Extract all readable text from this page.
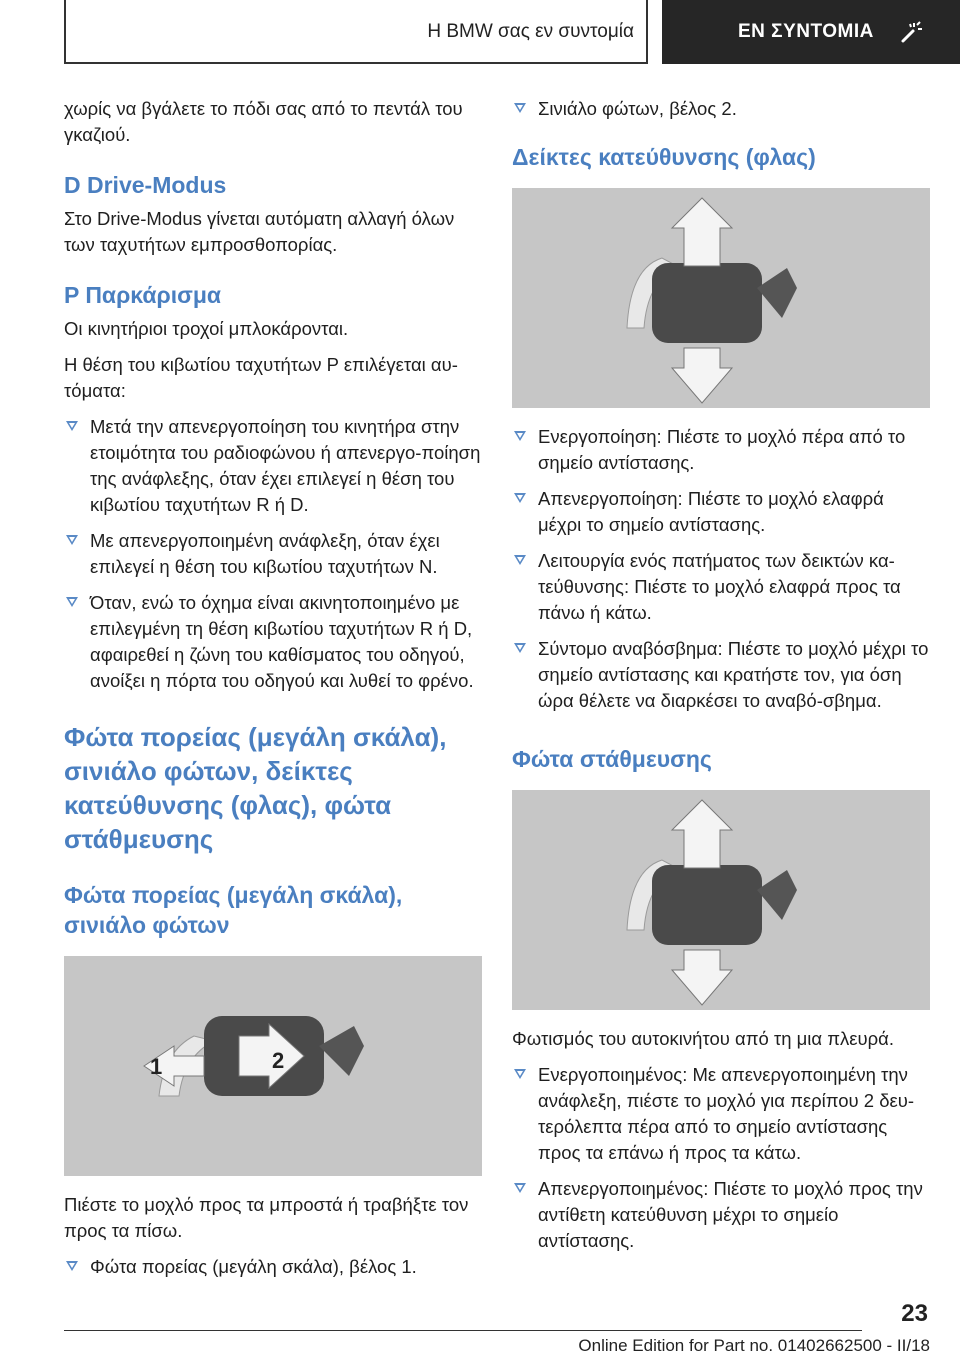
Η BMW σας εν συντομία	ΕΝ ΣΥΝΤΟΜΙΑ

χωρίς να βγάλετε το πόδι σας από το πεντάλ του γκαζιού.

D Drive-Modus

Στο Drive-Modus γίνεται αυτόματη αλλαγή όλων των ταχυτήτων εμπροσθοπορίας.

P Παρκάρισμα

Οι κινητήριοι τροχοί μπλοκάρονται.

Η θέση του κιβωτίου ταχυτήτων P επιλέγεται αυ-τόματα:

Μετά την απενεργοποίηση του κινητήρα στην ετοιμότητα του ραδιοφώνου ή απενεργο-ποίηση της ανάφλεξης, όταν έχει επιλεγεί η θέση του κιβωτίου ταχυτήτων R ή D.
Με απενεργοποιημένη ανάφλεξη, όταν έχει επιλεγεί η θέση του κιβωτίου ταχυτήτων N.
Όταν, ενώ το όχημα είναι ακινητοποιημένο με επιλεγμένη τη θέση κιβωτίου ταχυτήτων R ή D, αφαιρεθεί η ζώνη του καθίσματος του οδηγού, ανοίξει η πόρτα του οδηγού και λυθεί το φρένο.
Φώτα πορείας (μεγάλη σκάλα), σινιάλο φώτων, δείκτες κατεύθυνσης (φλας), φώτα στάθμευσης
Φώτα πορείας (μεγάλη σκάλα), σινιάλο φώτων
1	2

Πιέστε το μοχλό προς τα μπροστά ή τραβήξτε τον προς τα πίσω.

Φώτα πορείας (μεγάλη σκάλα), βέλος 1.
Σινιάλο φώτων, βέλος 2.
Δείκτες κατεύθυνσης (φλας)
Ενεργοποίηση: Πιέστε το μοχλό πέρα από το σημείο αντίστασης.
Απενεργοποίηση: Πιέστε το μοχλό ελαφρά μέχρι το σημείο αντίστασης.
Λειτουργία ενός πατήματος των δεικτών κα-τεύθυνσης: Πιέστε το μοχλό ελαφρά προς τα πάνω ή κάτω.
Σύντομο αναβόσβημα: Πιέστε το μοχλό μέχρι το σημείο αντίστασης και κρατήστε τον, για όση ώρα θέλετε να διαρκέσει το αναβό-σβημα.
Φώτα στάθμευσης

Φωτισμός του αυτοκινήτου από τη μια πλευρά.

Ενεργοποιημένος: Με απενεργοποιημένη την ανάφλεξη, πιέστε το μοχλό για περίπου 2 δευ-τερόλεπτα πέρα από το σημείο αντίστασης προς τα επάνω ή προς τα κάτω.
Απενεργοποιημένος: Πιέστε το μοχλό προς την αντίθετη κατεύθυνση μέχρι το σημείο αντίστασης.
23
Online Edition for Part no. 01402662500 - II/18
